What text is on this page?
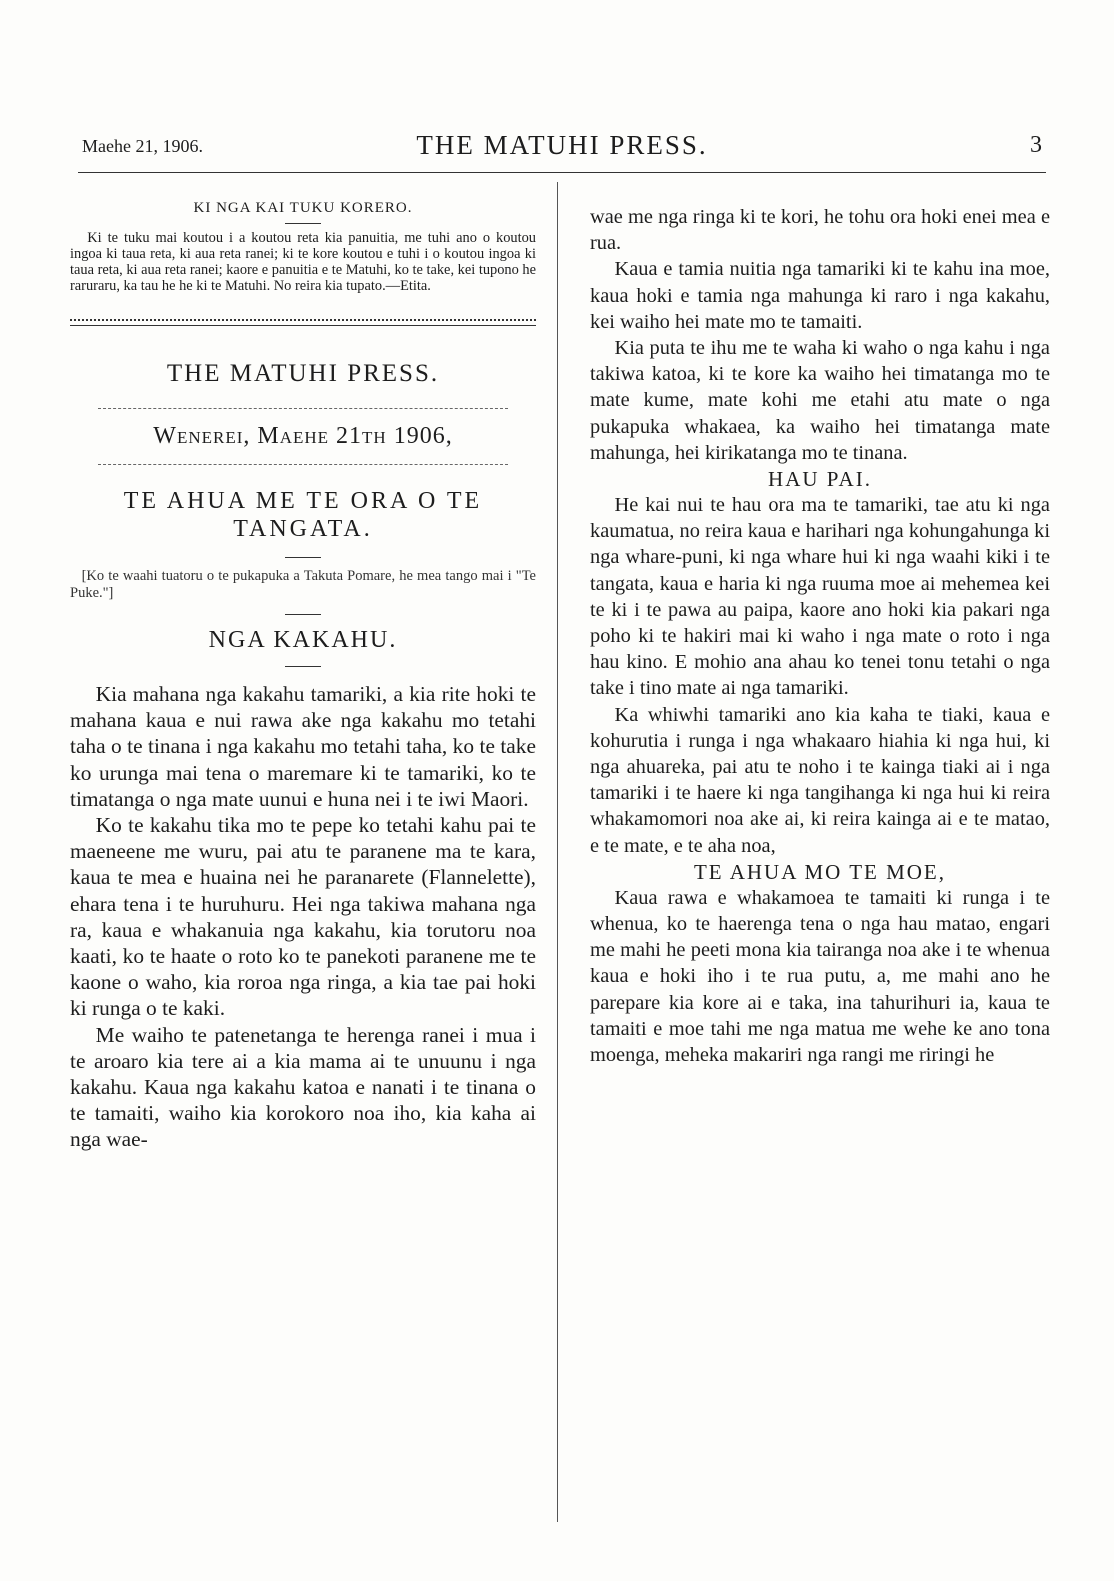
Maehe 21, 1906.	THE MATUHI PRESS.	3
KI NGA KAI TUKU KORERO.

Ki te tuku mai koutou i a koutou reta kia panuitia, me tuhi ano o koutou ingoa ki taua reta, ki aua reta ranei; ki te kore koutou e tuhi i o koutou ingoa ki taua reta, ki aua reta ranei; kaore e panuitia e te Matuhi, ko te take, kei tupono he raruraru, ka tau he he ki te Matuhi. No reira kia tupato.—Etita.

THE MATUHI PRESS.
Wenerei, Maehe 21th 1906,
TE AHUA ME TE ORA O TE
TANGATA.

[Ko te waahi tuatoru o te pukapuka a Takuta Pomare, he mea tango mai i "Te Puke."]

NGA KAKAHU.

Kia mahana nga kakahu tamariki, a kia rite hoki te mahana kaua e nui rawa ake nga kakahu mo tetahi taha o te tinana i nga kakahu mo tetahi taha, ko te take ko urunga mai tena o maremare ki te tamariki, ko te timatanga o nga mate uunui e huna nei i te iwi Maori.

Ko te kakahu tika mo te pepe ko tetahi kahu pai te maeneene me wuru, pai atu te paranene ma te kara, kaua te mea e huaina nei he paranarete (Flannelette), ehara tena i te huruhuru. Hei nga takiwa mahana nga ra, kaua e whakanuia nga kakahu, kia torutoru noa kaati, ko te haate o roto ko te panekoti paranene me te kaone o waho, kia roroa nga ringa, a kia tae pai hoki ki runga o te kaki.

Me waiho te patenetanga te herenga ranei i mua i te aroaro kia tere ai a kia mama ai te unuunu i nga kakahu. Kaua nga kakahu katoa e nanati i te tinana o te tamaiti, waiho kia korokoro noa iho, kia kaha ai nga wae-

wae me nga ringa ki te kori, he tohu ora hoki enei mea e rua.

Kaua e tamia nuitia nga tamariki ki te kahu ina moe, kaua hoki e tamia nga mahunga ki raro i nga kakahu, kei waiho hei mate mo te tamaiti.

Kia puta te ihu me te waha ki waho o nga kahu i nga takiwa katoa, ki te kore ka waiho hei timatanga mo te mate kume, mate kohi me etahi atu mate o nga pukapuka whakaea, ka waiho hei timatanga mate mahunga, hei kirikatanga mo te tinana.

HAU PAI.

He kai nui te hau ora ma te tamariki, tae atu ki nga kaumatua, no reira kaua e harihari nga kohungahunga ki nga whare-puni, ki nga whare hui ki nga waahi kiki i te tangata, kaua e haria ki nga ruuma moe ai mehemea kei te ki i te pawa au paipa, kaore ano hoki kia pakari nga poho ki te hakiri mai ki waho i nga mate o roto i nga hau kino. E mohio ana ahau ko tenei tonu tetahi o nga take i tino mate ai nga tamariki.

Ka whiwhi tamariki ano kia kaha te tiaki, kaua e kohurutia i runga i nga whakaaro hiahia ki nga hui, ki nga ahuareka, pai atu te noho i te kainga tiaki ai i nga tamariki i te haere ki nga tangihanga ki nga hui ki reira whakamomori noa ake ai, ki reira kainga ai e te matao, e te mate, e te aha noa,

TE AHUA MO TE MOE,

Kaua rawa e whakamoea te tamaiti ki runga i te whenua, ko te haerenga tena o nga hau matao, engari me mahi he peeti mona kia tairanga noa ake i te whenua kaua e hoki iho i te rua putu, a, me mahi ano he parepare kia kore ai e taka, ina tahurihuri ia, kaua te tamaiti e moe tahi me nga matua me wehe ke ano tona moenga, meheka makariri nga rangi me riringi he
